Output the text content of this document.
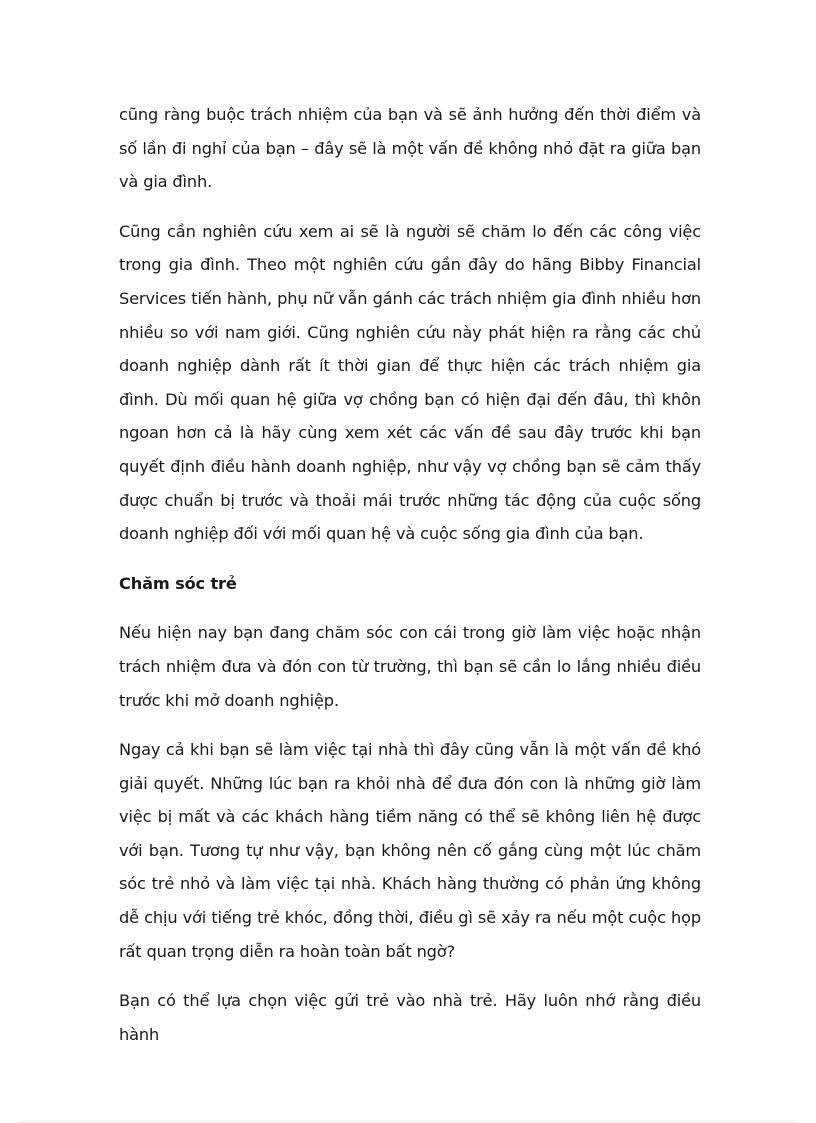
cũng ràng buộc trách nhiệm của bạn và sẽ ảnh hưởng đến thời điểm và số lần đi nghỉ của bạn – đây sẽ là một vấn đề không nhỏ đặt ra giữa bạn và gia đình.

Cũng cần nghiên cứu xem ai sẽ là người sẽ chăm lo đến các công việc trong gia đình. Theo một nghiên cứu gần đây do hãng Bibby Financial Services tiến hành, phụ nữ vẫn gánh các trách nhiệm gia đình nhiều hơn nhiều so với nam giới. Cũng nghiên cứu này phát hiện ra rằng các chủ doanh nghiệp dành rất ít thời gian để thực hiện các trách nhiệm gia đình. Dù mối quan hệ giữa vợ chồng bạn có hiện đại đến đâu, thì khôn ngoan hơn cả là hãy cùng xem xét các vấn đề sau đây trước khi bạn quyết định điều hành doanh nghiệp, như vậy vợ chồng bạn sẽ cảm thấy được chuẩn bị trước và thoải mái trước những tác động của cuộc sống doanh nghiệp đối với mối quan hệ và cuộc sống gia đình của bạn.

Chăm sóc trẻ

Nếu hiện nay bạn đang chăm sóc con cái trong giờ làm việc hoặc nhận trách nhiệm đưa và đón con từ trường, thì bạn sẽ cần lo lắng nhiều điều trước khi mở doanh nghiệp.

Ngay cả khi bạn sẽ làm việc tại nhà thì đây cũng vẫn là một vấn đề khó giải quyết. Những lúc bạn ra khỏi nhà để đưa đón con là những giờ làm việc bị mất và các khách hàng tiềm năng có thể sẽ không liên hệ được với bạn. Tương tự như vậy, bạn không nên cố gắng cùng một lúc chăm sóc trẻ nhỏ và làm việc tại nhà. Khách hàng thường có phản ứng không dễ chịu với tiếng trẻ khóc, đồng thời, điều gì sẽ xảy ra nếu một cuộc họp rất quan trọng diễn ra hoàn toàn bất ngờ?

Bạn có thể lựa chọn việc gửi trẻ vào nhà trẻ. Hãy luôn nhớ rằng điều hành
